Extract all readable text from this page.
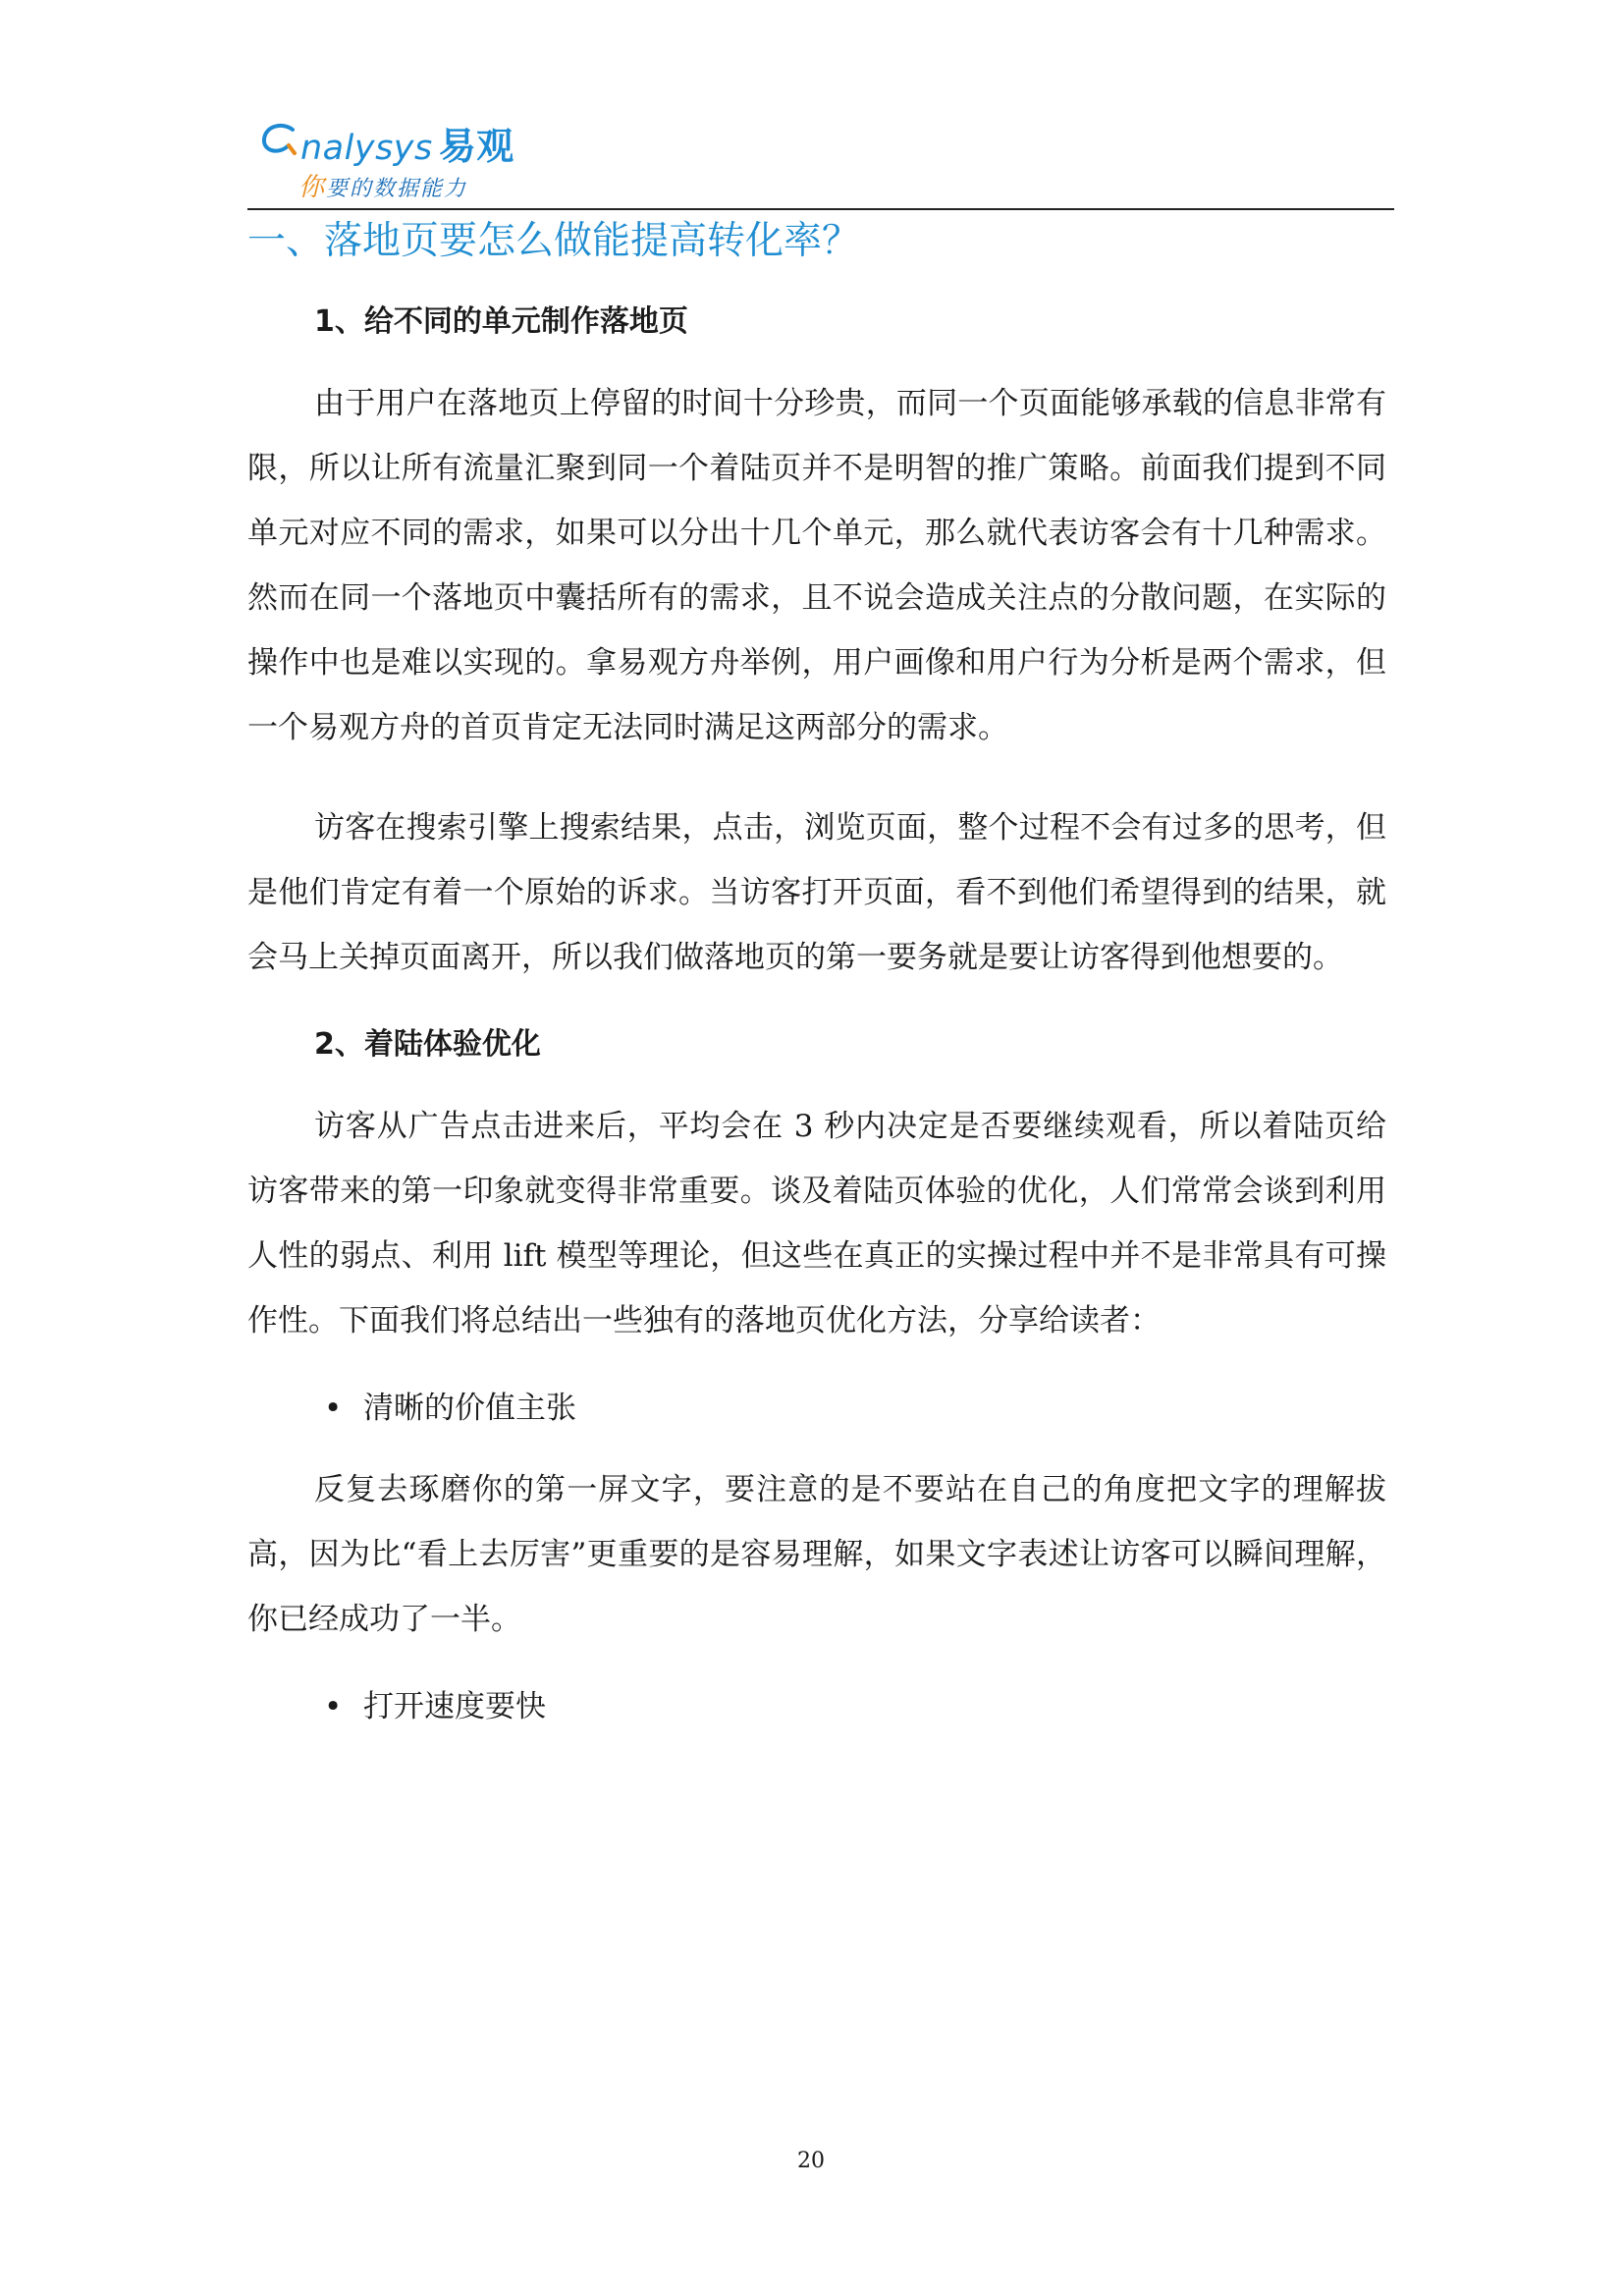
nalysys 易观
你要的数据能力
一、落地页要怎么做能提高转化率？
1、给不同的单元制作落地页

由于用户在落地页上停留的时间十分珍贵，而同一个页面能够承载的信息非常有限，所以让所有流量汇聚到同一个着陆页并不是明智的推广策略。前面我们提到不同单元对应不同的需求，如果可以分出十几个单元，那么就代表访客会有十几种需求。然而在同一个落地页中囊括所有的需求，且不说会造成关注点的分散问题，在实际的操作中也是难以实现的。拿易观方舟举例，用户画像和用户行为分析是两个需求，但一个易观方舟的首页肯定无法同时满足这两部分的需求。

访客在搜索引擎上搜索结果，点击，浏览页面，整个过程不会有过多的思考，但是他们肯定有着一个原始的诉求。当访客打开页面，看不到他们希望得到的结果，就会马上关掉页面离开，所以我们做落地页的第一要务就是要让访客得到他想要的。

2、着陆体验优化

访客从广告点击进来后，平均会在 3 秒内决定是否要继续观看，所以着陆页给访客带来的第一印象就变得非常重要。谈及着陆页体验的优化，人们常常会谈到利用人性的弱点、利用 lift 模型等理论，但这些在真正的实操过程中并不是非常具有可操作性。下面我们将总结出一些独有的落地页优化方法，分享给读者：

• 清晰的价值主张

反复去琢磨你的第一屏文字，要注意的是不要站在自己的角度把文字的理解拔高，因为比“看上去厉害”更重要的是容易理解，如果文字表述让访客可以瞬间理解，你已经成功了一半。

• 打开速度要快
20
